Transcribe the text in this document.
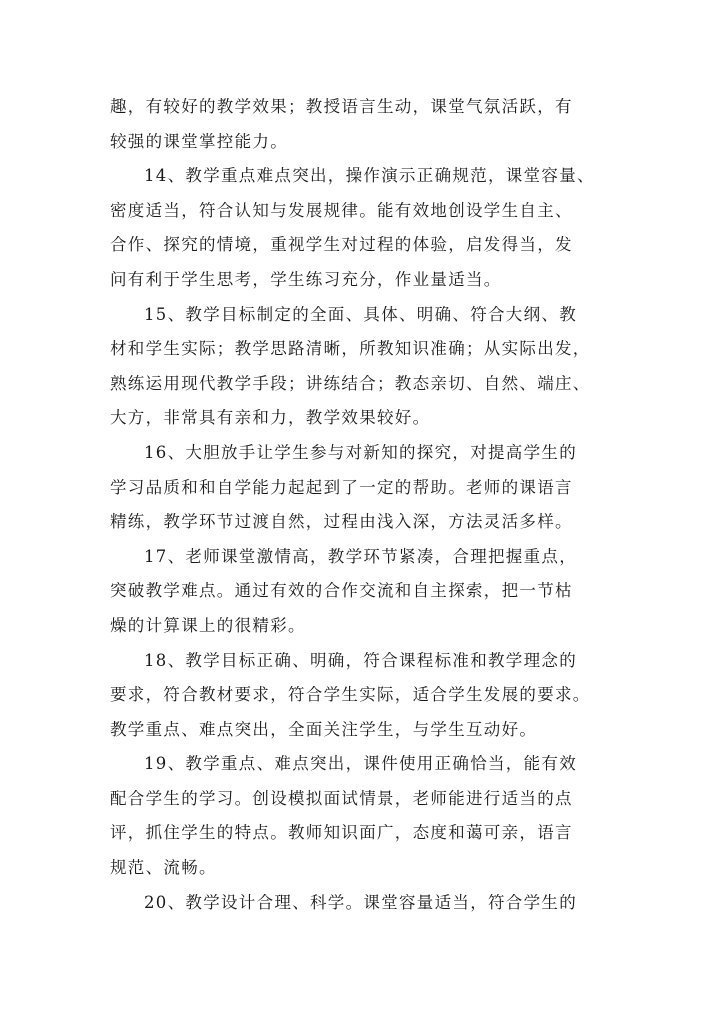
趣，有较好的教学效果；教授语言生动，课堂气氛活跃，有
较强的课堂掌控能力。
14、教学重点难点突出，操作演示正确规范，课堂容量、
密度适当，符合认知与发展规律。能有效地创设学生自主、
合作、探究的情境，重视学生对过程的体验，启发得当，发
问有利于学生思考，学生练习充分，作业量适当。
15、教学目标制定的全面、具体、明确、符合大纲、教
材和学生实际；教学思路清晰，所教知识准确；从实际出发，
熟练运用现代教学手段；讲练结合；教态亲切、自然、端庄、
大方，非常具有亲和力，教学效果较好。
16、大胆放手让学生参与对新知的探究，对提高学生的
学习品质和和自学能力起起到了一定的帮助。老师的课语言
精练，教学环节过渡自然，过程由浅入深，方法灵活多样。
17、老师课堂激情高，教学环节紧凑，合理把握重点，
突破教学难点。通过有效的合作交流和自主探索，把一节枯
燥的计算课上的很精彩。
18、教学目标正确、明确，符合课程标准和教学理念的
要求，符合教材要求，符合学生实际，适合学生发展的要求。
教学重点、难点突出，全面关注学生，与学生互动好。
19、教学重点、难点突出，课件使用正确恰当，能有效
配合学生的学习。创设模拟面试情景，老师能进行适当的点
评，抓住学生的特点。教师知识面广，态度和蔼可亲，语言
规范、流畅。
20、教学设计合理、科学。课堂容量适当，符合学生的
